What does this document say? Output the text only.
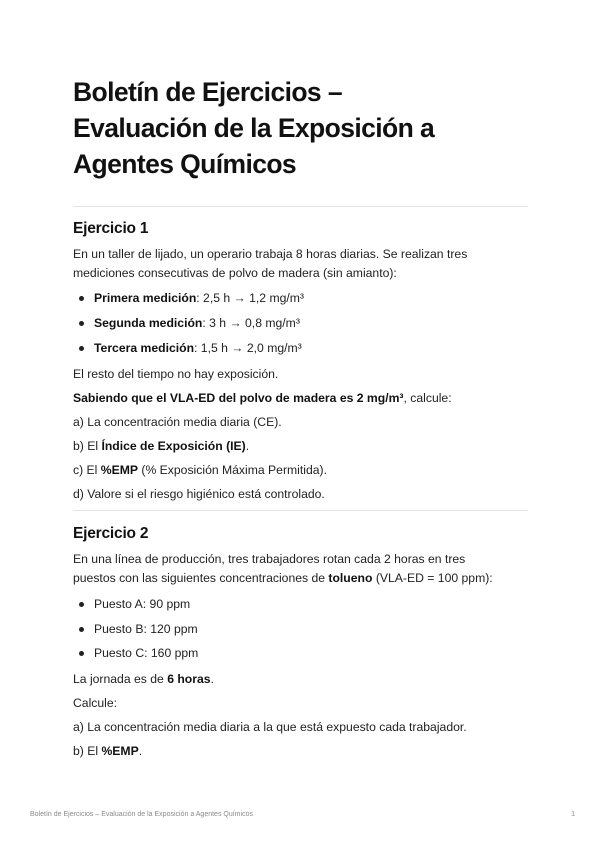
Boletín de Ejercicios –
Evaluación de la Exposición a
Agentes Químicos
Ejercicio 1

En un taller de lijado, un operario trabaja 8 horas diarias. Se realizan tres

mediciones consecutivas de polvo de madera (sin amianto):

Primera medición: 2,5 h → 1,2 mg/m³
Segunda medición: 3 h → 0,8 mg/m³
Tercera medición: 1,5 h → 2,0 mg/m³

El resto del tiempo no hay exposición.

Sabiendo que el VLA-ED del polvo de madera es 2 mg/m³, calcule:

a) La concentración media diaria (CE).

b) El Índice de Exposición (IE).

c) El %EMP (% Exposición Máxima Permitida).

d) Valore si el riesgo higiénico está controlado.

Ejercicio 2

En una línea de producción, tres trabajadores rotan cada 2 horas en tres

puestos con las siguientes concentraciones de tolueno (VLA-ED = 100 ppm):

Puesto A: 90 ppm
Puesto B: 120 ppm
Puesto C: 160 ppm

La jornada es de 6 horas.

Calcule:

a) La concentración media diaria a la que está expuesto cada trabajador.

b) El %EMP.

Boletín de Ejercicios – Evaluación de la Exposición a Agentes Químicos	1
